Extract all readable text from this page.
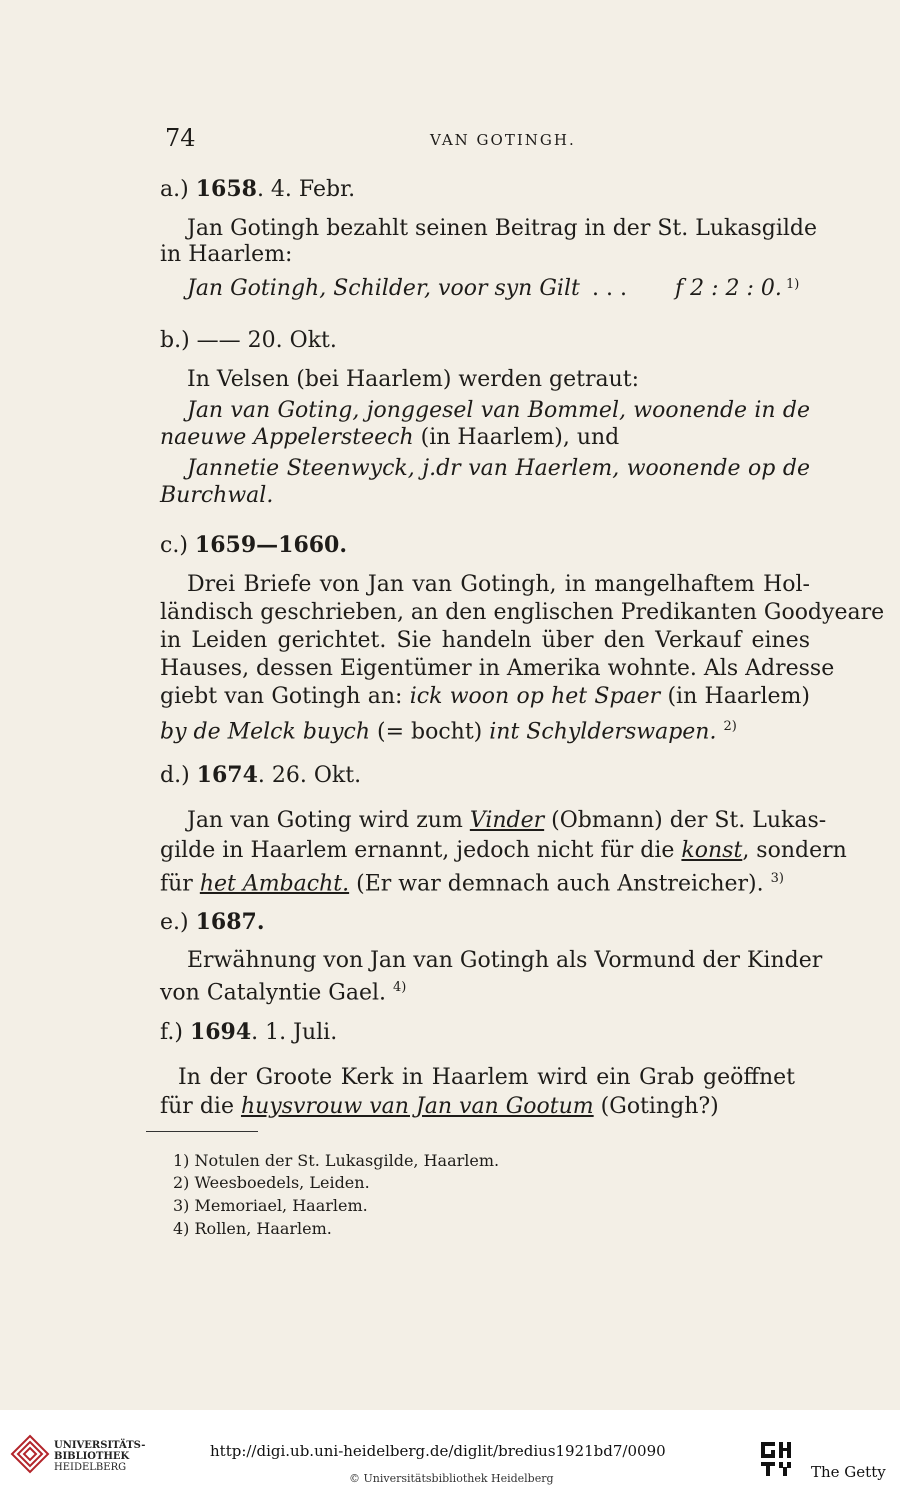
74	VAN GOTINGH.
a.) 1658. 4. Febr.
Jan Gotingh bezahlt seinen Beitrag in der St. Lukasgilde
in Haarlem:
Jan Gotingh, Schilder, voor syn Gilt . . . f 2 : 2 : 0. 1)
b.) —— 20. Okt.
In Velsen (bei Haarlem) werden getraut:
Jan van Goting, jonggesel van Bommel, woonende in de
naeuwe Appelersteech (in Haarlem), und
Jannetie Steenwyck, j.dr van Haerlem, woonende op de
Burchwal.
c.) 1659—1660.
Drei Briefe von Jan van Gotingh, in mangelhaftem Hol-
ländisch geschrieben, an den englischen Predikanten Goodyeare
in Leiden gerichtet. Sie handeln über den Verkauf eines
Hauses, dessen Eigentümer in Amerika wohnte. Als Adresse
giebt van Gotingh an: ick woon op het Spaer (in Haarlem)
by de Melck buych (= bocht) int Schylderswapen. $^{2)}$
d.) 1674. 26. Okt.
Jan van Goting wird zum Vinder (Obmann) der St. Lukas-
gilde in Haarlem ernannt, jedoch nicht für die konst, sondern
für het Ambacht. (Er war demnach auch Anstreicher). $^{3)}$
e.) 1687.
Erwähnung von Jan van Gotingh als Vormund der Kinder
von Catalyntie Gael. $^{4)}$
f.) 1694. 1. Juli.
In der Groote Kerk in Haarlem wird ein Grab geöffnet
für die huysvrouw van Jan van Gootum (Gotingh?)
1) Notulen der St. Lukasgilde, Haarlem.
2) Weesboedels, Leiden.
3) Memoriael, Haarlem.
4) Rollen, Haarlem.
UNIVERSITÄTS-
BIBLIOTHEK
HEIDELBERG
http://digi.ub.uni-heidelberg.de/diglit/bredius1921bd7/0090
© Universitätsbibliothek Heidelberg	The Getty
